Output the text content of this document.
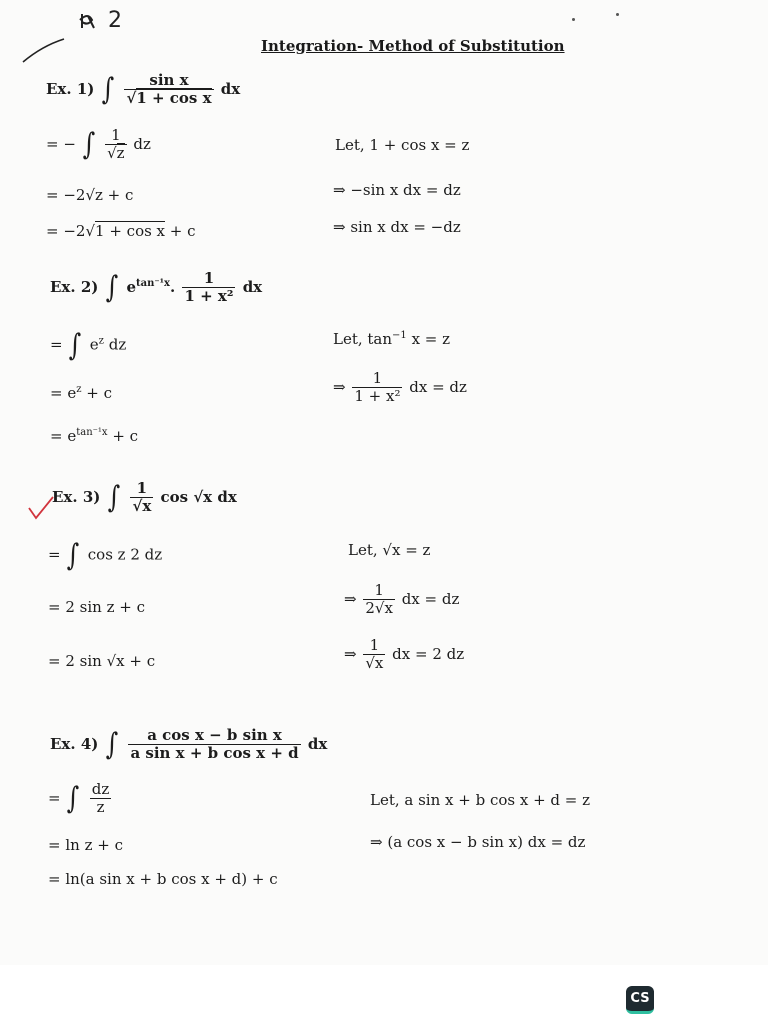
2
Integration- Method of Substitution
Ex. 1) ∫ $\frac{\text{sin x}}{\text{√1 + cos x}}$ dx
= − ∫ $\frac{1}{√z}$ dz
= −2√z + c
= −2√1 + cos x + c
Let, 1 + cos x = z
⇒ −sin x dx = dz
⇒ sin x dx = −dz
Ex. 2) ∫ $e^{tan^{-1}x}$. $\frac{1}{\text{1 + x²}}$ dx
= ∫ $e^z$ dz
= $e^z + c$
= $e^{tan^{-1}x} + c$
Let, $\tan^{-1} x = z$
⇒ $\frac{1}{\text{1 + x²}}$ dx = dz
Ex. 3) ∫ $\frac{1}{√x}$ cos √x dx
= ∫ cos z 2 dz
= 2 sin z + c
= 2 sin √x + c
Let, √x = z
⇒ $\frac{1}{2√x}$ dx = dz
⇒ $\frac{1}{√x}$ dx = 2 dz
Ex. 4) ∫ $\frac{\text{a cos x − b sin x}}{\text{a sin x + b cos x + d}}$ dx
= ∫ $\frac{dz}{z}$
= ln z + c
= ln(a sin x + b cos x + d) + c
Let, a sin x + b cos x + d = z
⇒ (a cos x − b sin x) dx = dz
CS
